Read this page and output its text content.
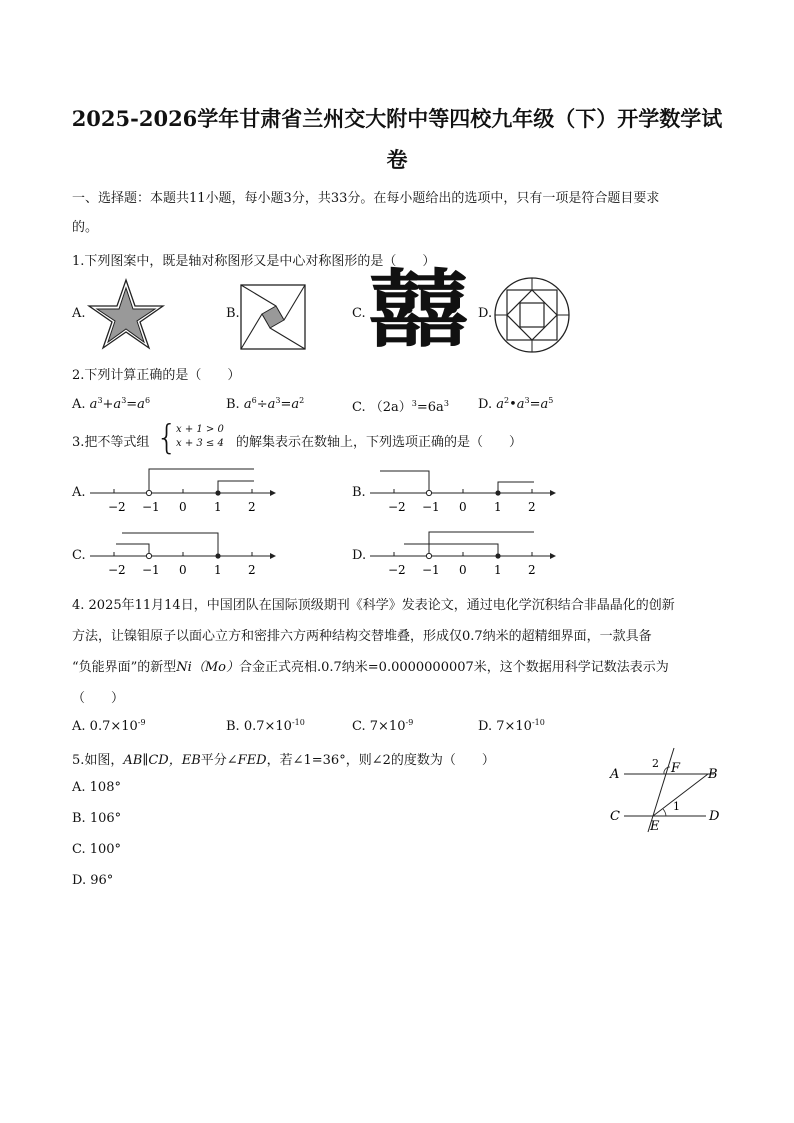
2025-2026学年甘肃省兰州交大附中等四校九年级（下）开学数学试
卷
一、选择题：本题共11小题，每小题3分，共33分。在每小题给出的选项中，只有一项是符合题目要求
的。
1.下列图案中，既是轴对称图形又是中心对称图形的是（　　）
A.	B.	C. 囍 D.
2.下列计算正确的是（　　）
A. $a^3+a^3=a^6$	B. $a^6\div a^3=a^2$	C. $(2a)^3=6a^3$ D. $a^2•a^3=a^5$
3.把不等式组 {
x + 1 > 0
x + 3 ≤ 4 的解集表示在数轴上，下列选项正确的是（　　）
A.
−2 −1 0 1 2
B.
−2 −1 0 1 2
C.
−2 −1 0 1 2
D.
−2 −1 0 1 2
4. 2025年11月14日，中国团队在国际顶级期刊《科学》发表论文，通过电化学沉积结合非晶晶化的创新
方法，让镍钼原子以面心立方和密排六方两种结构交替堆叠，形成仅0.7纳米的超精细界面，一款具备
“负能界面”的新型Ni（Mo）合金正式亮相.0.7纳米=0.0000000007米，这个数据用科学记数法表示为
（　　）
A. $0.7\times 10^{-9}$	B. $0.7\times 10^{-10}$	C. $7\times 10^{-9}$	D. $7\times 10^{-10}$
5.如图，AB∥CD，EB平分∠FED，若∠1=36°，则∠2的度数为（　　）
A. 108°
B. 106°
C. 100°
D. 96°
A	B
C	D
E
F
1
2
